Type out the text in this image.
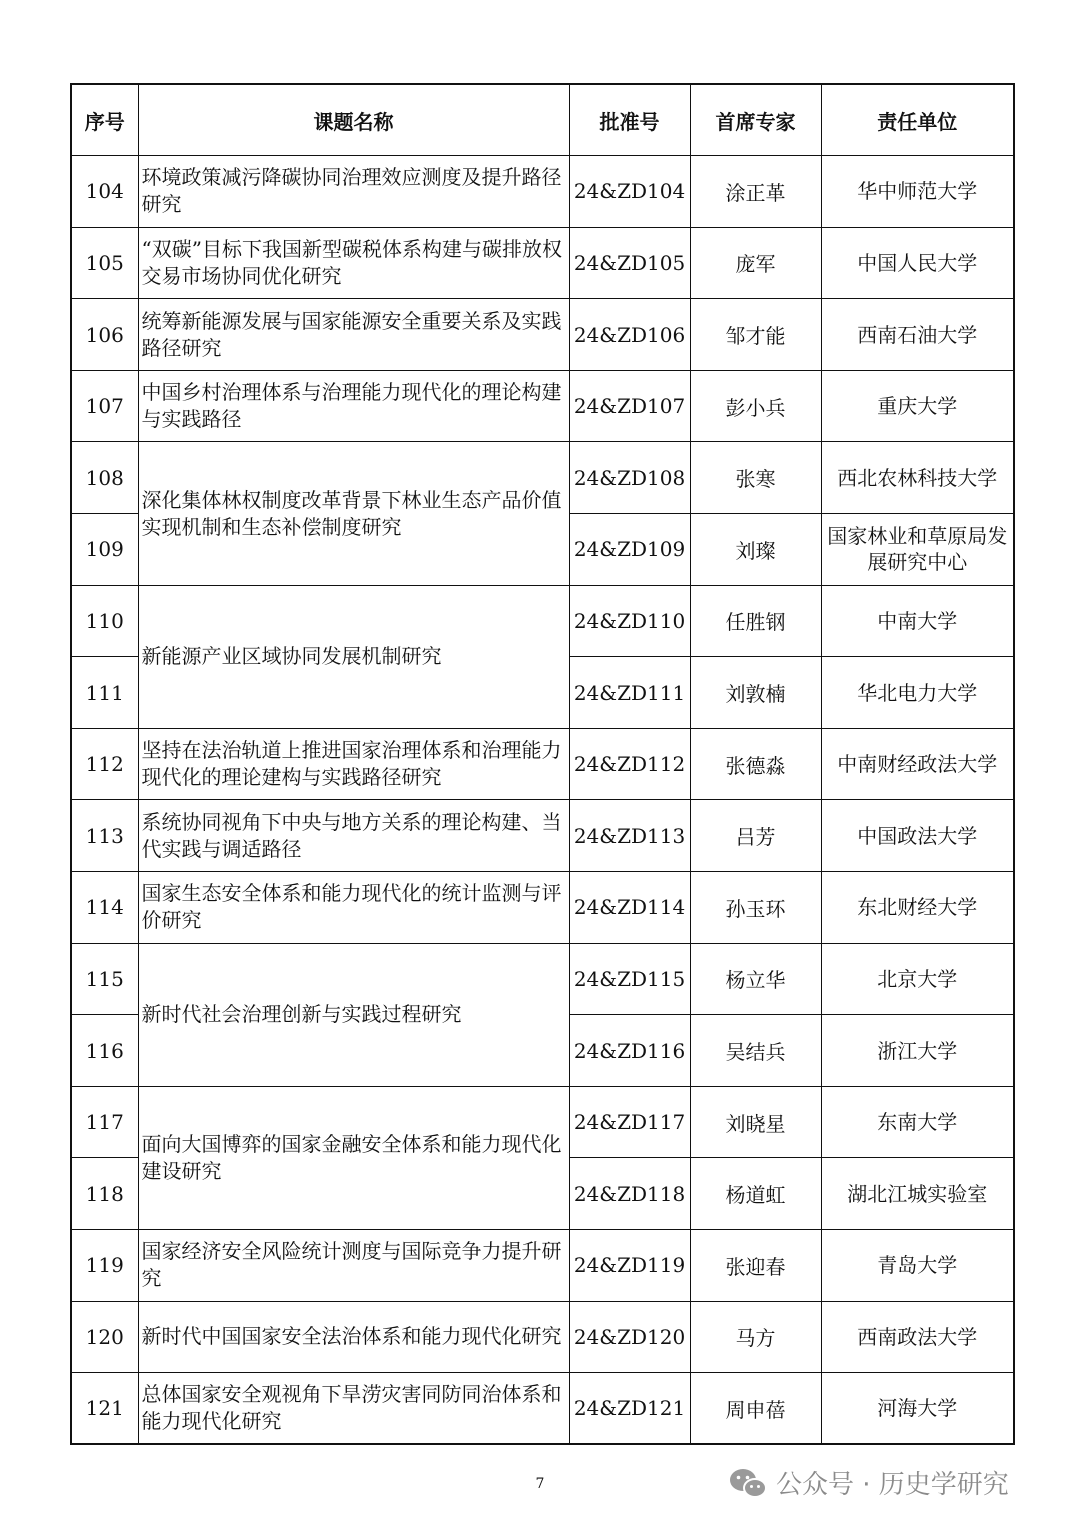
序号	课题名称	批准号	首席专家	责任单位
104	环境政策减污降碳协同治理效应测度及提升路径研究	24&ZD104	涂正革	华中师范大学
105	“双碳”目标下我国新型碳税体系构建与碳排放权交易市场协同优化研究	24&ZD105	庞军	中国人民大学
106	统筹新能源发展与国家能源安全重要关系及实践路径研究	24&ZD106	邹才能	西南石油大学
107	中国乡村治理体系与治理能力现代化的理论构建与实践路径	24&ZD107	彭小兵	重庆大学
108	深化集体林权制度改革背景下林业生态产品价值实现机制和生态补偿制度研究	24&ZD108	张寒	西北农林科技大学
109		24&ZD109	刘璨	国家林业和草原局发展研究中心
110	新能源产业区域协同发展机制研究	24&ZD110	任胜钢	中南大学
111		24&ZD111	刘敦楠	华北电力大学
112	坚持在法治轨道上推进国家治理体系和治理能力现代化的理论建构与实践路径研究	24&ZD112	张德淼	中南财经政法大学
113	系统协同视角下中央与地方关系的理论构建、当代实践与调适路径	24&ZD113	吕芳	中国政法大学
114	国家生态安全体系和能力现代化的统计监测与评价研究	24&ZD114	孙玉环	东北财经大学
115	新时代社会治理创新与实践过程研究	24&ZD115	杨立华	北京大学
116		24&ZD116	吴结兵	浙江大学
117	面向大国博弈的国家金融安全体系和能力现代化建设研究	24&ZD117	刘晓星	东南大学
118		24&ZD118	杨道虹	湖北江城实验室
119	国家经济安全风险统计测度与国际竞争力提升研究	24&ZD119	张迎春	青岛大学
120	新时代中国国家安全法治体系和能力现代化研究	24&ZD120	马方	西南政法大学
121	总体国家安全观视角下旱涝灾害同防同治体系和能力现代化研究	24&ZD121	周申蓓	河海大学
7	公众号 · 历史学研究
